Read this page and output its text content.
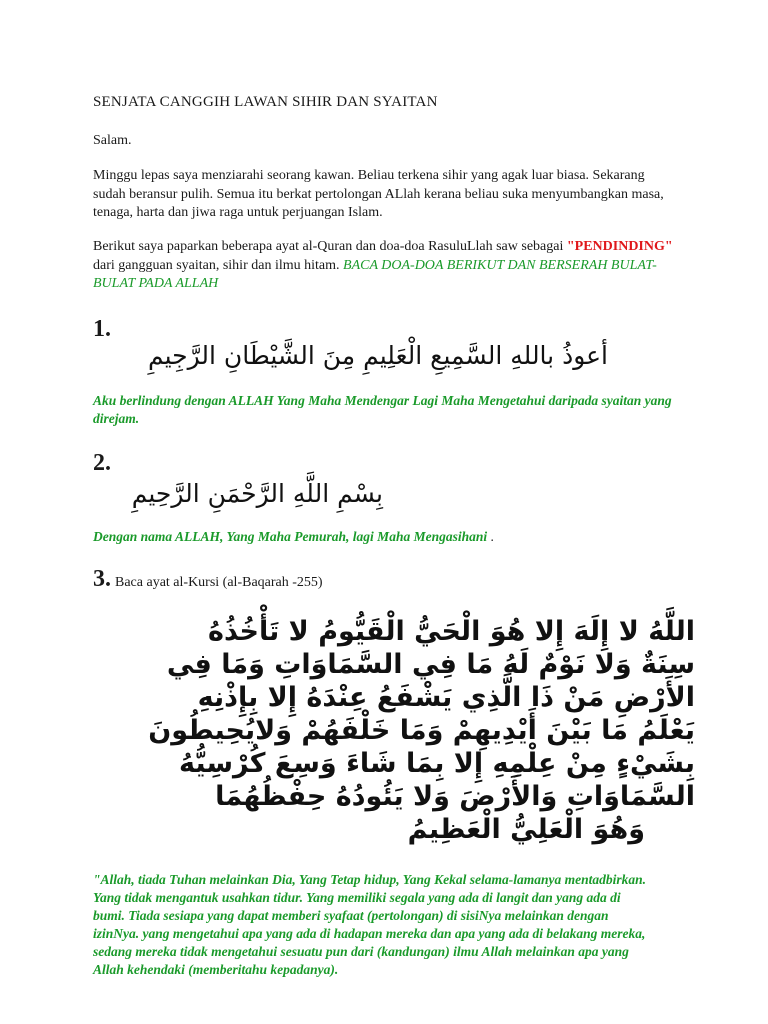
SENJATA CANGGIH LAWAN SIHIR DAN SYAITAN
Salam.
Minggu lepas saya menziarahi seorang kawan. Beliau terkena sihir yang agak luar biasa. Sekarang sudah beransur pulih. Semua itu berkat pertolongan ALlah kerana beliau suka menyumbangkan masa, tenaga, harta dan jiwa raga untuk perjuangan Islam.
Berikut saya paparkan beberapa ayat al-Quran dan doa-doa RasuluLlah saw sebagai "PENDINDING" dari gangguan syaitan, sihir dan ilmu hitam. BACA DOA-DOA BERIKUT DAN BERSERAH BULAT-BULAT PADA ALLAH
1.
أعوذُ باللهِ السَّمِيعِ الْعَلِيمِ مِنَ الشَّيْطَانِ الرَّجِيمِ
Aku berlindung dengan ALLAH Yang Maha Mendengar Lagi Maha Mengetahui daripada syaitan yang direjam.
2.
بِسْمِ اللَّهِ الرَّحْمَنِ الرَّحِيمِ
Dengan nama ALLAH, Yang Maha Pemurah, lagi Maha Mengasihani .
3. Baca ayat al-Kursi (al-Baqarah -255)
اللَّهُ لا إِلَهَ إِلا هُوَ الْحَيُّ الْقَيُّومُ لا تَأْخُذُهُ
سِنَةٌ وَلا نَوْمٌ لَهُ مَا فِي السَّمَاوَاتِ وَمَا فِي
الأَرْضِ مَنْ ذَا الَّذِي يَشْفَعُ عِنْدَهُ إِلا بِإِذْنِهِ
يَعْلَمُ مَا بَيْنَ أَيْدِيهِمْ وَمَا خَلْفَهُمْ وَلايُحِيطُونَ
بِشَيْءٍ مِنْ عِلْمِهِ إِلا بِمَا شَاءَ وَسِعَ كُرْسِيُّهُ
السَّمَاوَاتِ وَالأَرْضَ وَلا يَئُودُهُ حِفْظُهُمَا
وَهُوَ الْعَلِيُّ الْعَظِيمُ
"Allah, tiada Tuhan melainkan Dia, Yang Tetap hidup, Yang Kekal selama-lamanya mentadbirkan. Yang tidak mengantuk usahkan tidur. Yang memiliki segala yang ada di langit dan yang ada di bumi. Tiada sesiapa yang dapat memberi syafaat (pertolongan) di sisiNya melainkan dengan izinNya. yang mengetahui apa yang ada di hadapan mereka dan apa yang ada di belakang mereka, sedang mereka tidak mengetahui sesuatu pun dari (kandungan) ilmu Allah melainkan apa yang Allah kehendaki (memberitahu kepadanya).
